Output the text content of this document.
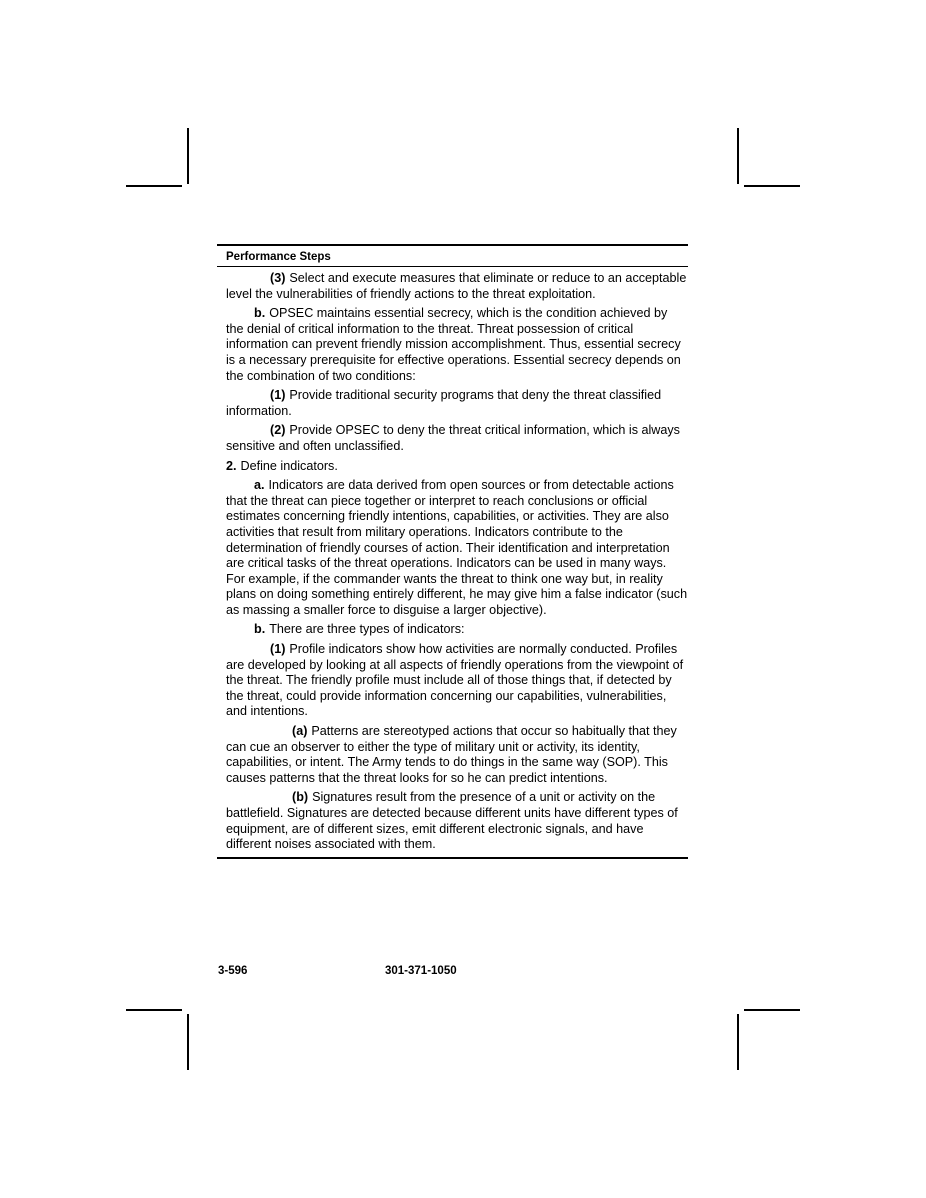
Performance Steps

(3) Select and execute measures that eliminate or reduce to an acceptable level the vulnerabilities of friendly actions to the threat exploitation.

b. OPSEC maintains essential secrecy, which is the condition achieved by the denial of critical information to the threat. Threat possession of critical information can prevent friendly mission accomplishment. Thus, essential secrecy is a necessary prerequisite for effective operations. Essential secrecy depends on the combination of two conditions:

(1) Provide traditional security programs that deny the threat classified information.

(2) Provide OPSEC to deny the threat critical information, which is always sensitive and often unclassified.

2. Define indicators.

a. Indicators are data derived from open sources or from detectable actions that the threat can piece together or interpret to reach conclusions or official estimates concerning friendly intentions, capabilities, or activities. They are also activities that result from military operations. Indicators contribute to the determination of friendly courses of action. Their identification and interpretation are critical tasks of the threat operations. Indicators can be used in many ways. For example, if the commander wants the threat to think one way but, in reality plans on doing something entirely different, he may give him a false indicator (such as massing a smaller force to disguise a larger objective).

b. There are three types of indicators:

(1) Profile indicators show how activities are normally conducted. Profiles are developed by looking at all aspects of friendly operations from the viewpoint of the threat. The friendly profile must include all of those things that, if detected by the threat, could provide information concerning our capabilities, vulnerabilities, and intentions.

(a) Patterns are stereotyped actions that occur so habitually that they can cue an observer to either the type of military unit or activity, its identity, capabilities, or intent. The Army tends to do things in the same way (SOP). This causes patterns that the threat looks for so he can predict intentions.

(b) Signatures result from the presence of a unit or activity on the battlefield. Signatures are detected because different units have different types of equipment, are of different sizes, emit different electronic signals, and have different noises associated with them.

3-596	301-371-1050
